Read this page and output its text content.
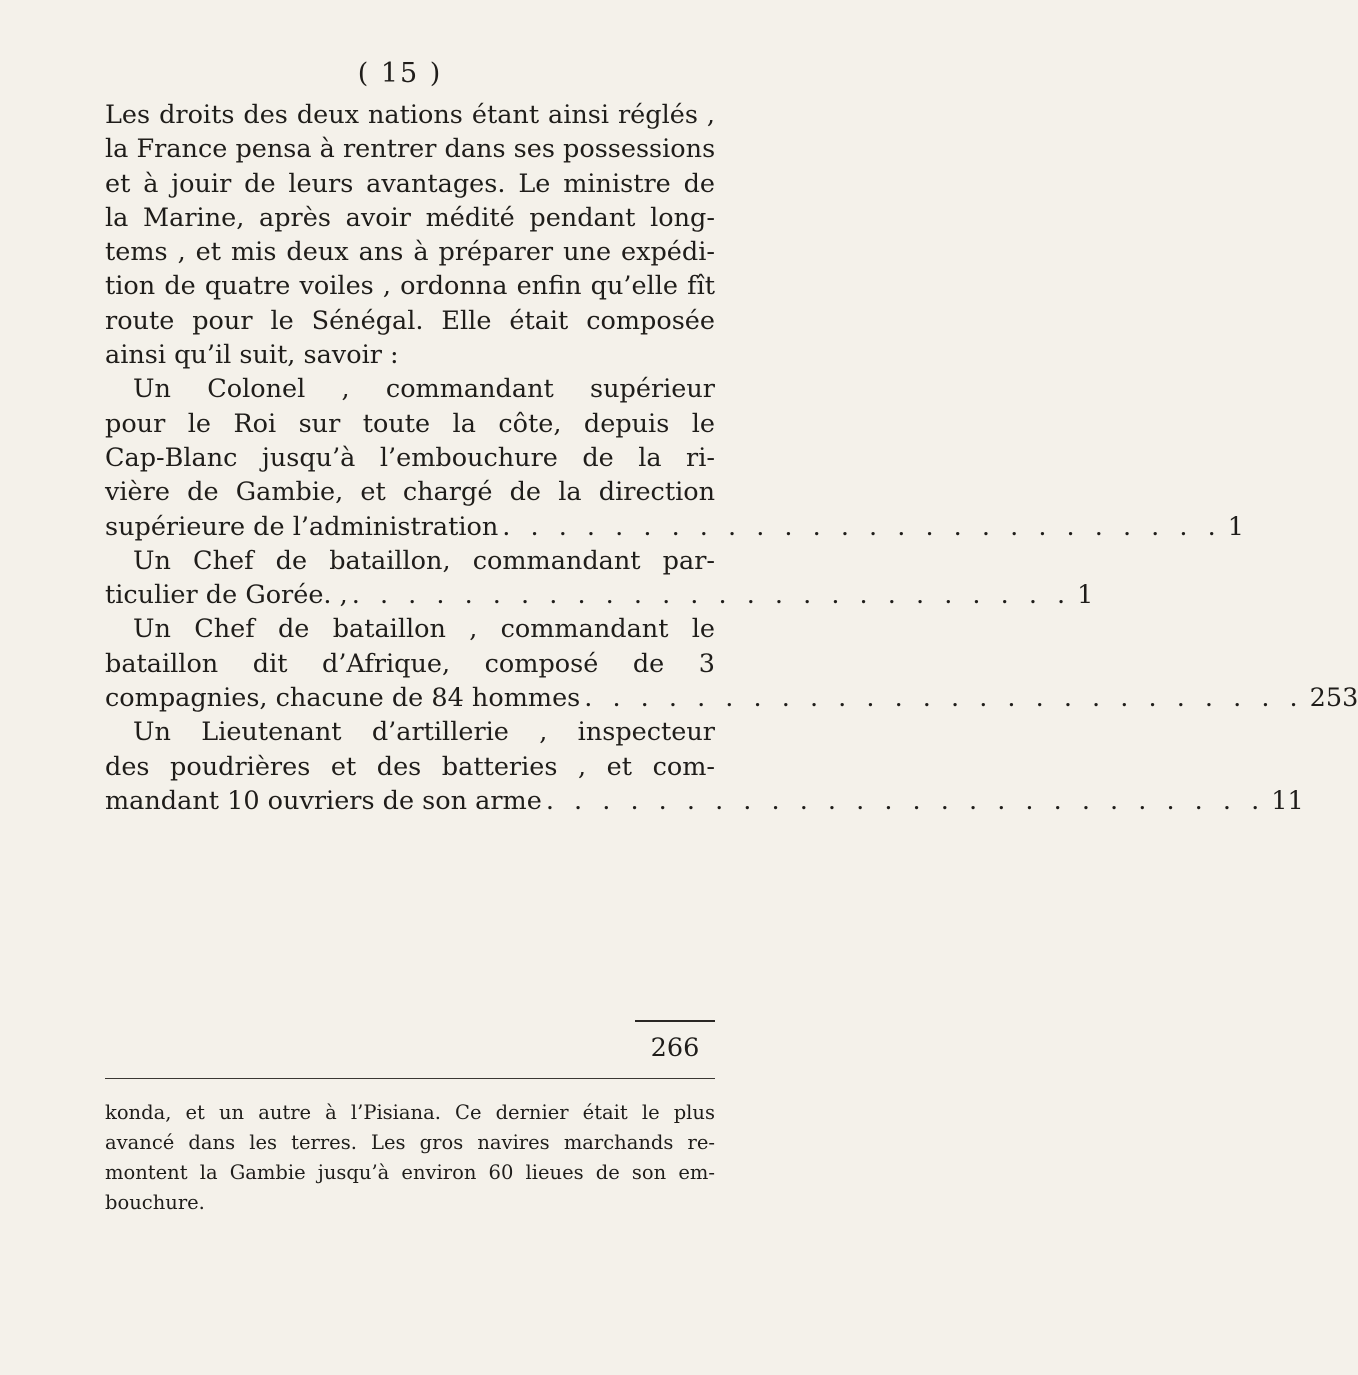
( 15 )
Les droits des deux nations étant ainsi réglés ,
la France pensa à rentrer dans ses possessions
et à jouir de leurs avantages. Le ministre de
la Marine, après avoir médité pendant long-
tems , et mis deux ans à préparer une expédi-
tion de quatre voiles , ordonna enfin qu’elle fît
route pour le Sénégal. Elle était composée
ainsi qu’il suit, savoir :
Un Colonel , commandant supérieur
pour le Roi sur toute la côte, depuis le
Cap-Blanc jusqu’à l’embouchure de la ri-
vière de Gambie, et chargé de la direction
supérieure de l’administration . . . . . . . . . . . . . . . . . . . . . . . . . . 1
Un Chef de bataillon, commandant par-
ticulier de Gorée. , . . . . . . . . . . . . . . . . . . . . . . . . . . 1
Un Chef de bataillon , commandant le
bataillon dit d’Afrique, composé de 3
compagnies, chacune de 84 hommes . . . . . . . . . . . . . . . . . . . . . . . . . . 253
Un Lieutenant d’artillerie , inspecteur
des poudrières et des batteries , et com-
mandant 10 ouvriers de son arme . . . . . . . . . . . . . . . . . . . . . . . . . . 11
266
konda, et un autre à l’Pisiana. Ce dernier était le plus
avancé dans les terres. Les gros navires marchands re-
montent la Gambie jusqu’à environ 60 lieues de son em-
bouchure.
